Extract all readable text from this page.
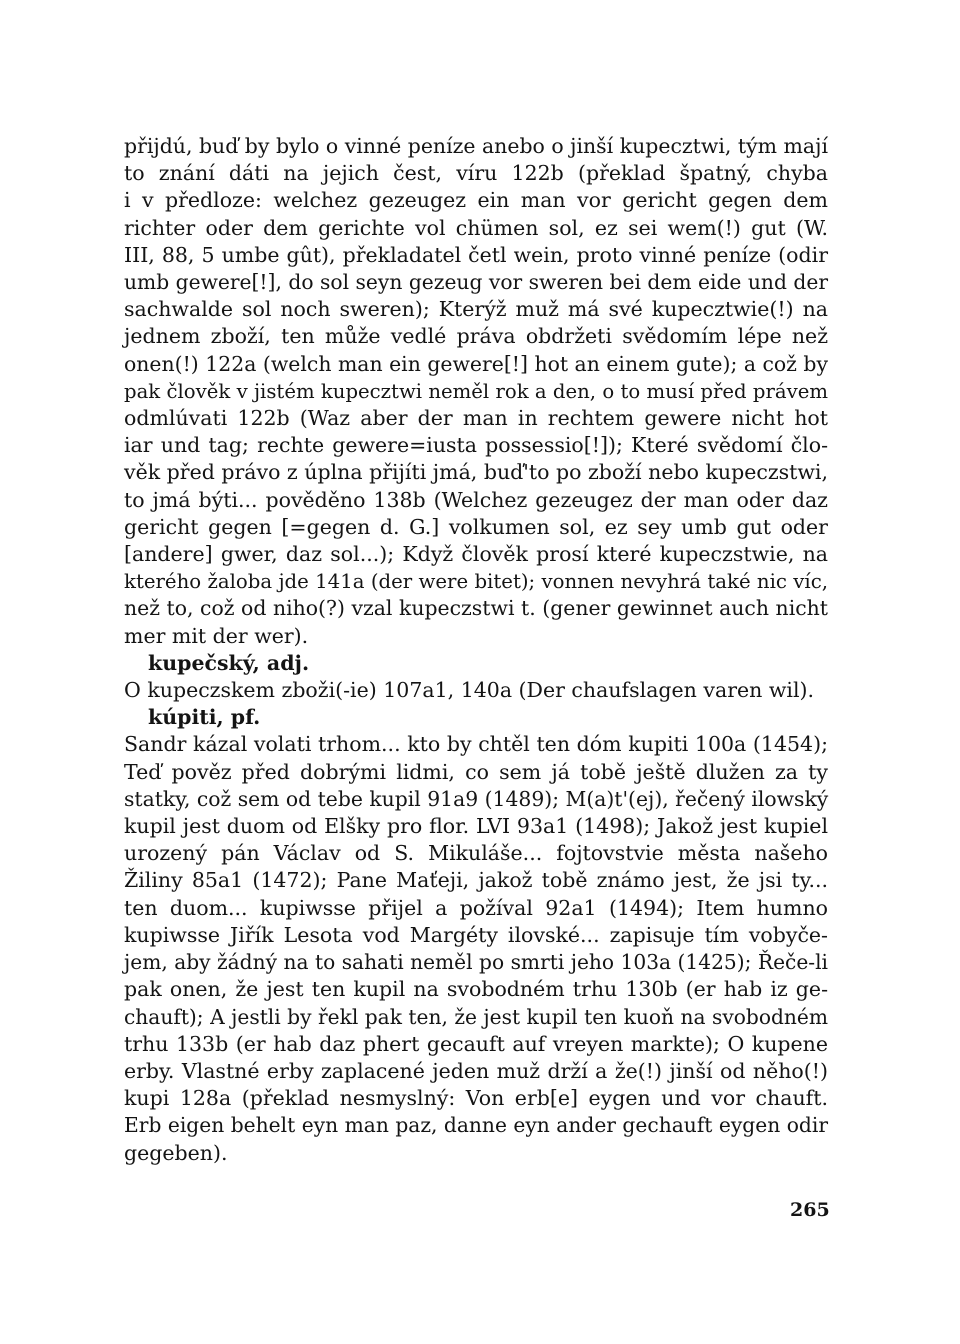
přijdú, buď by bylo o vinné peníze anebo o jinší kupecztwi, tým mají
to znání dáti na jejich čest, víru 122b (překlad špatný, chyba
i v předloze: welchez gezeugez ein man vor gericht gegen dem
richter oder dem gerichte vol chümen sol, ez sei wem(!) gut (W.
III, 88, 5 umbe gût), překladatel četl wein, proto vinné peníze (odir
umb gewere[!], do sol seyn gezeug vor sweren bei dem eide und der
sachwalde sol noch sweren); Kterýž muž má své kupecztwie(!) na
jednem zboží, ten může vedlé práva obdržeti svědomím lépe než
onen(!) 122a (welch man ein gewere[!] hot an einem gute); a což by
pak člověk v jistém kupecztwi neměl rok a den, o to musí před právem
odmlúvati 122b (Waz aber der man in rechtem gewere nicht hot
iar und tag; rechte gewere=iusta possessio[!]); Které svědomí člo-
věk před právo z úplna přijíti jmá, buď'to po zboží nebo kupeczstwi,
to jmá býti... pověděno 138b (Welchez gezeugez der man oder daz
gericht gegen [=gegen d. G.] volkumen sol, ez sey umb gut oder
[andere] gwer, daz sol...); Když člověk prosí které kupeczstwie, na
kterého žaloba jde 141a (der were bitet); vonnen nevyhrá také nic víc,
než to, což od niho(?) vzal kupeczstwi t. (gener gewinnet auch nicht
mer mit der wer).
kupečský, adj.
O kupeczskem zboži(-ie) 107a1, 140a (Der chaufslagen varen wil).
kúpiti, pf.
Sandr kázal volati trhom... kto by chtěl ten dóm kupiti 100a (1454);
Teď pověz před dobrými lidmi, co sem já tobě ještě dlužen za ty
statky, což sem od tebe kupil 91a9 (1489); M(a)t'(ej), řečený ilowský
kupil jest duom od Elšky pro flor. LVI 93a1 (1498); Jakož jest kupiel
urozený pán Václav od S. Mikuláše... fojtovstvie města našeho
Žiliny 85a1 (1472); Pane Maťeji, jakož tobě známo jest, že jsi ty...
ten duom... kupiwsse přijel a požíval 92a1 (1494); Item humno
kupiwsse Jiřík Lesota vod Margéty ilovské... zapisuje tím vobyče-
jem, aby žádný na to sahati neměl po smrti jeho 103a (1425); Řeče-li
pak onen, že jest ten kupil na svobodném trhu 130b (er hab iz ge-
chauft); A jestli by řekl pak ten, že jest kupil ten kuoň na svobodném
trhu 133b (er hab daz phert gecauft auf vreyen markte); O kupene
erby. Vlastné erby zaplacené jeden muž drží a že(!) jinší od něho(!)
kupi 128a (překlad nesmyslný: Von erb[e] eygen und vor chauft.
Erb eigen behelt eyn man paz, danne eyn ander gechauft eygen odir
gegeben).
265
